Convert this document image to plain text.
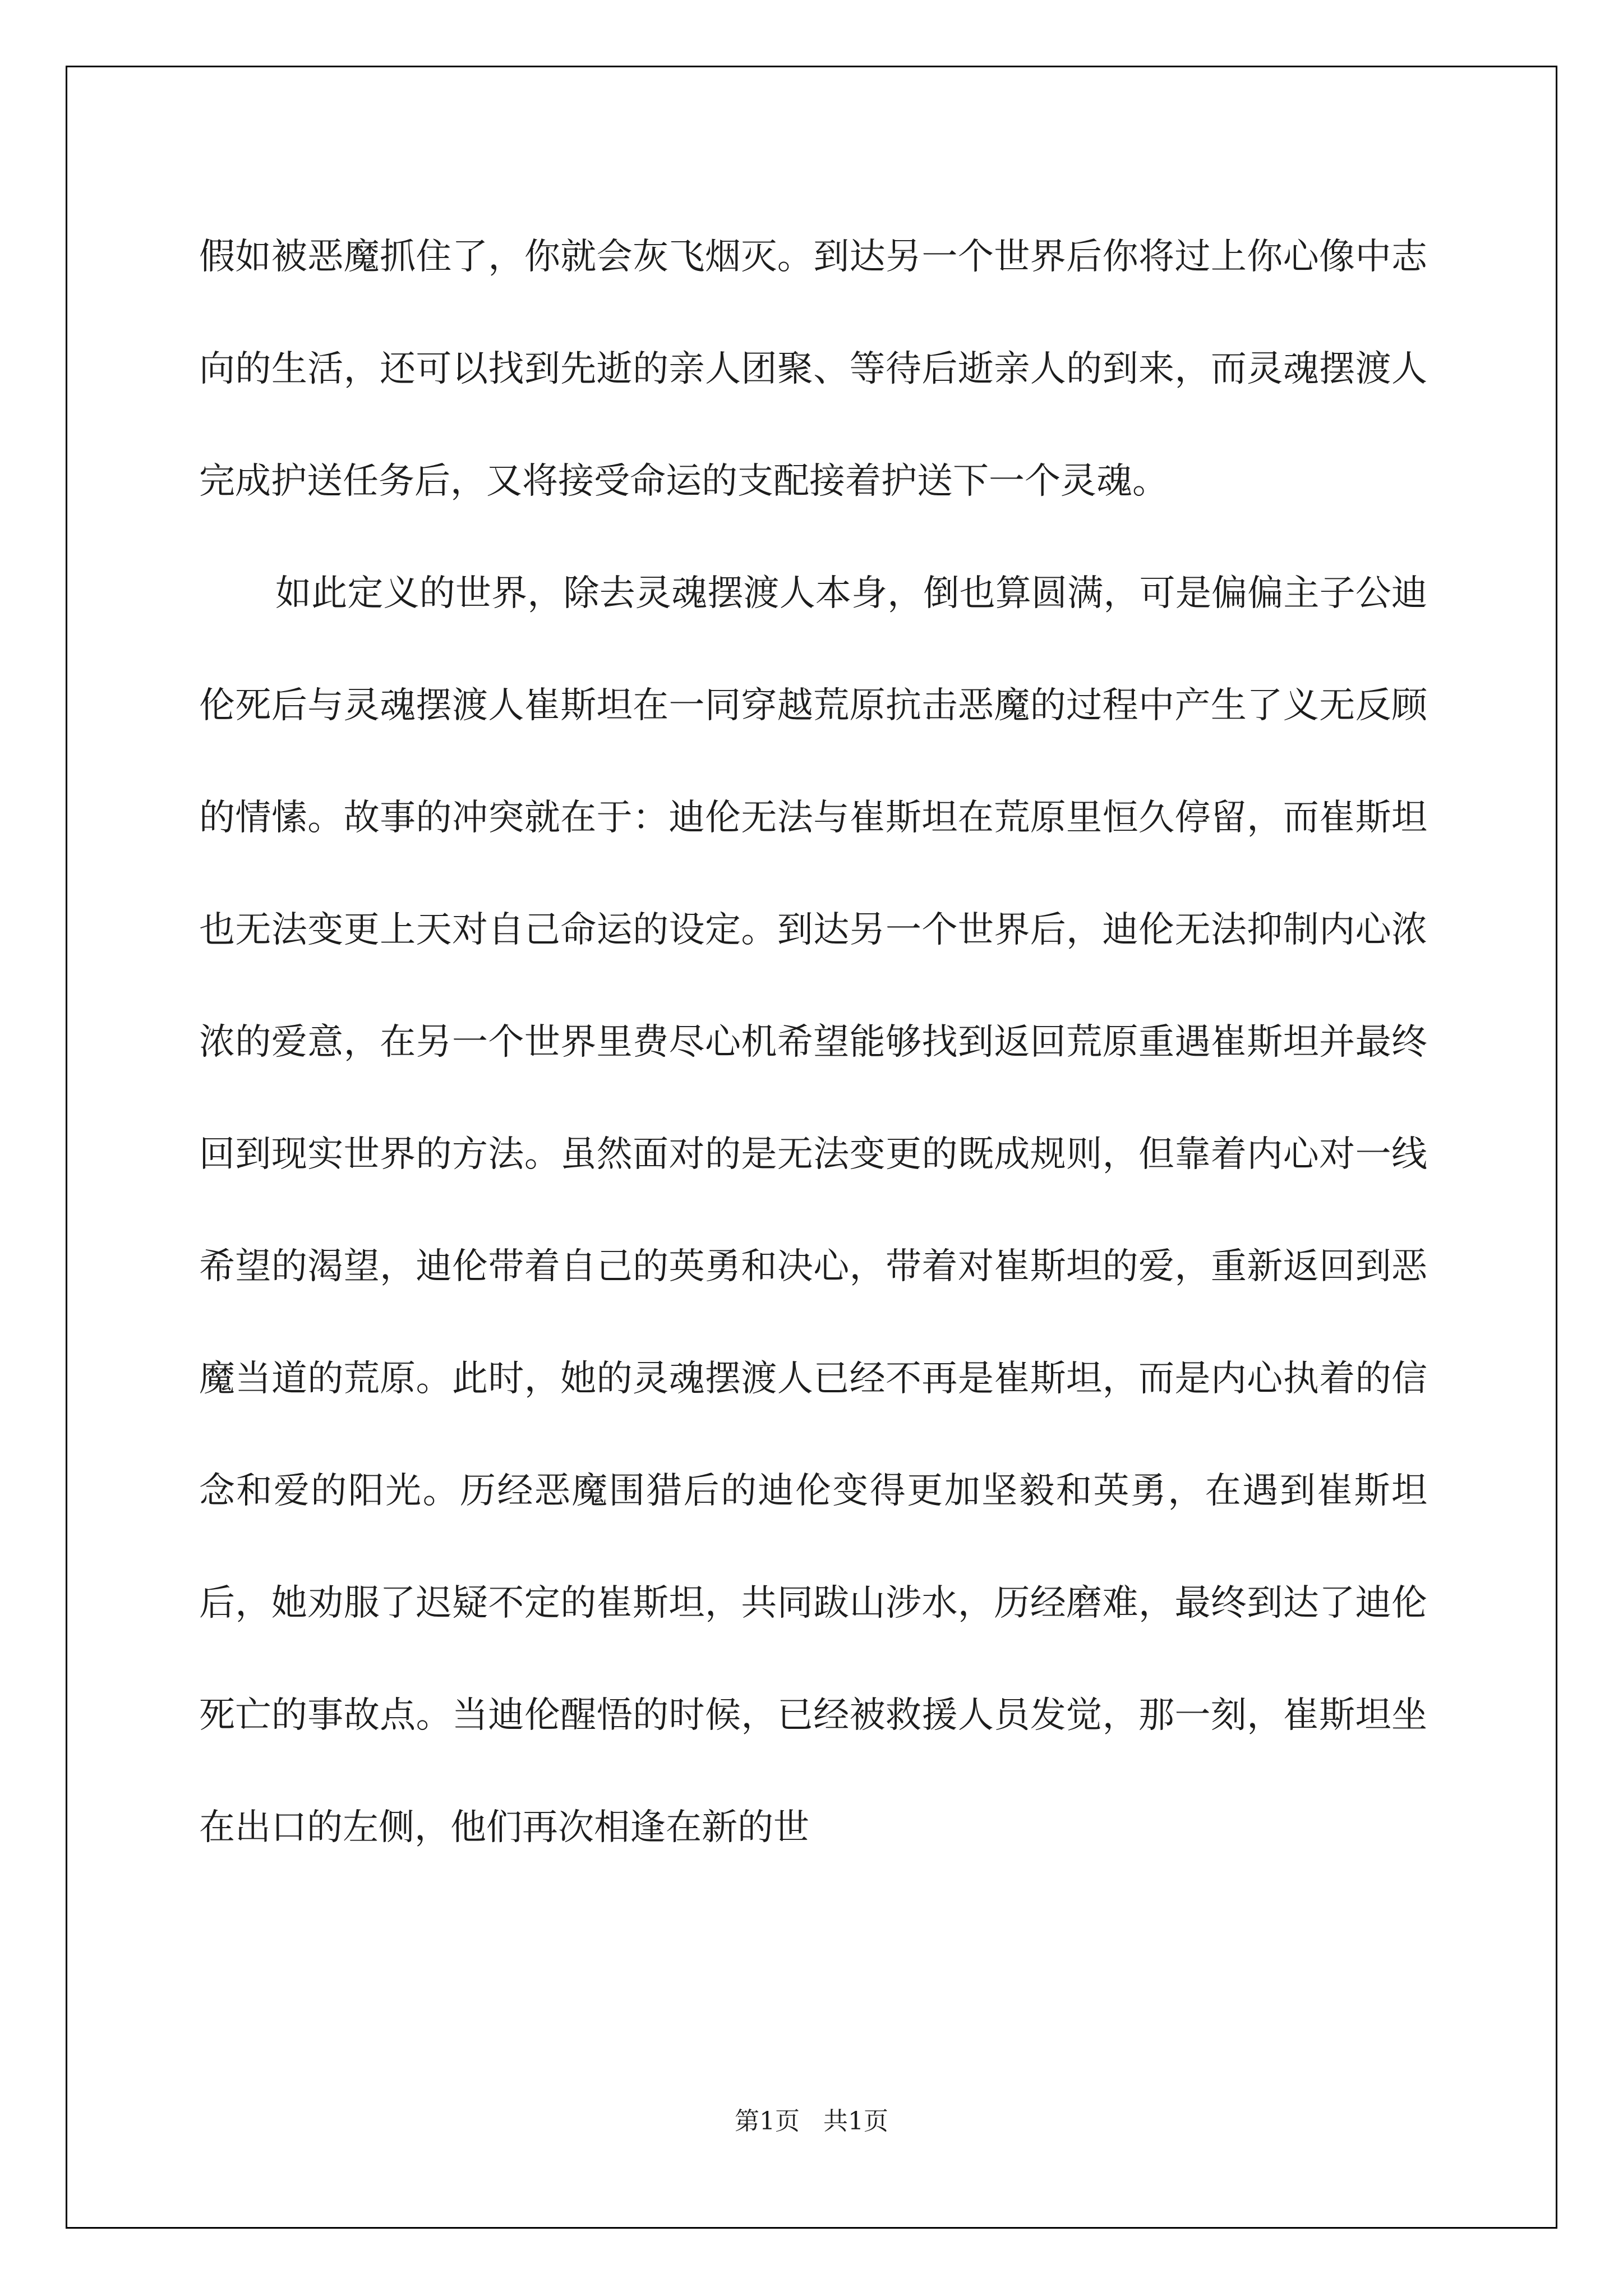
假如被恶魔抓住了，你就会灰飞烟灭。到达另一个世界后你将过上你心像中志向的生活，还可以找到先逝的亲人团聚、等待后逝亲人的到来，而灵魂摆渡人完成护送任务后，又将接受命运的支配接着护送下一个灵魂。

如此定义的世界，除去灵魂摆渡人本身，倒也算圆满，可是偏偏主子公迪伦死后与灵魂摆渡人崔斯坦在一同穿越荒原抗击恶魔的过程中产生了义无反顾的情愫。故事的冲突就在于：迪伦无法与崔斯坦在荒原里恒久停留，而崔斯坦也无法变更上天对自己命运的设定。到达另一个世界后，迪伦无法抑制内心浓浓的爱意，在另一个世界里费尽心机希望能够找到返回荒原重遇崔斯坦并最终回到现实世界的方法。虽然面对的是无法变更的既成规则，但靠着内心对一线希望的渴望，迪伦带着自己的英勇和决心，带着对崔斯坦的爱，重新返回到恶魔当道的荒原。此时，她的灵魂摆渡人已经不再是崔斯坦，而是内心执着的信念和爱的阳光。历经恶魔围猎后的迪伦变得更加坚毅和英勇，在遇到崔斯坦后，她劝服了迟疑不定的崔斯坦，共同跋山涉水，历经磨难，最终到达了迪伦死亡的事故点。当迪伦醒悟的时候，已经被救援人员发觉，那一刻，崔斯坦坐在出口的左侧，他们再次相逢在新的世

第1页 共1页
